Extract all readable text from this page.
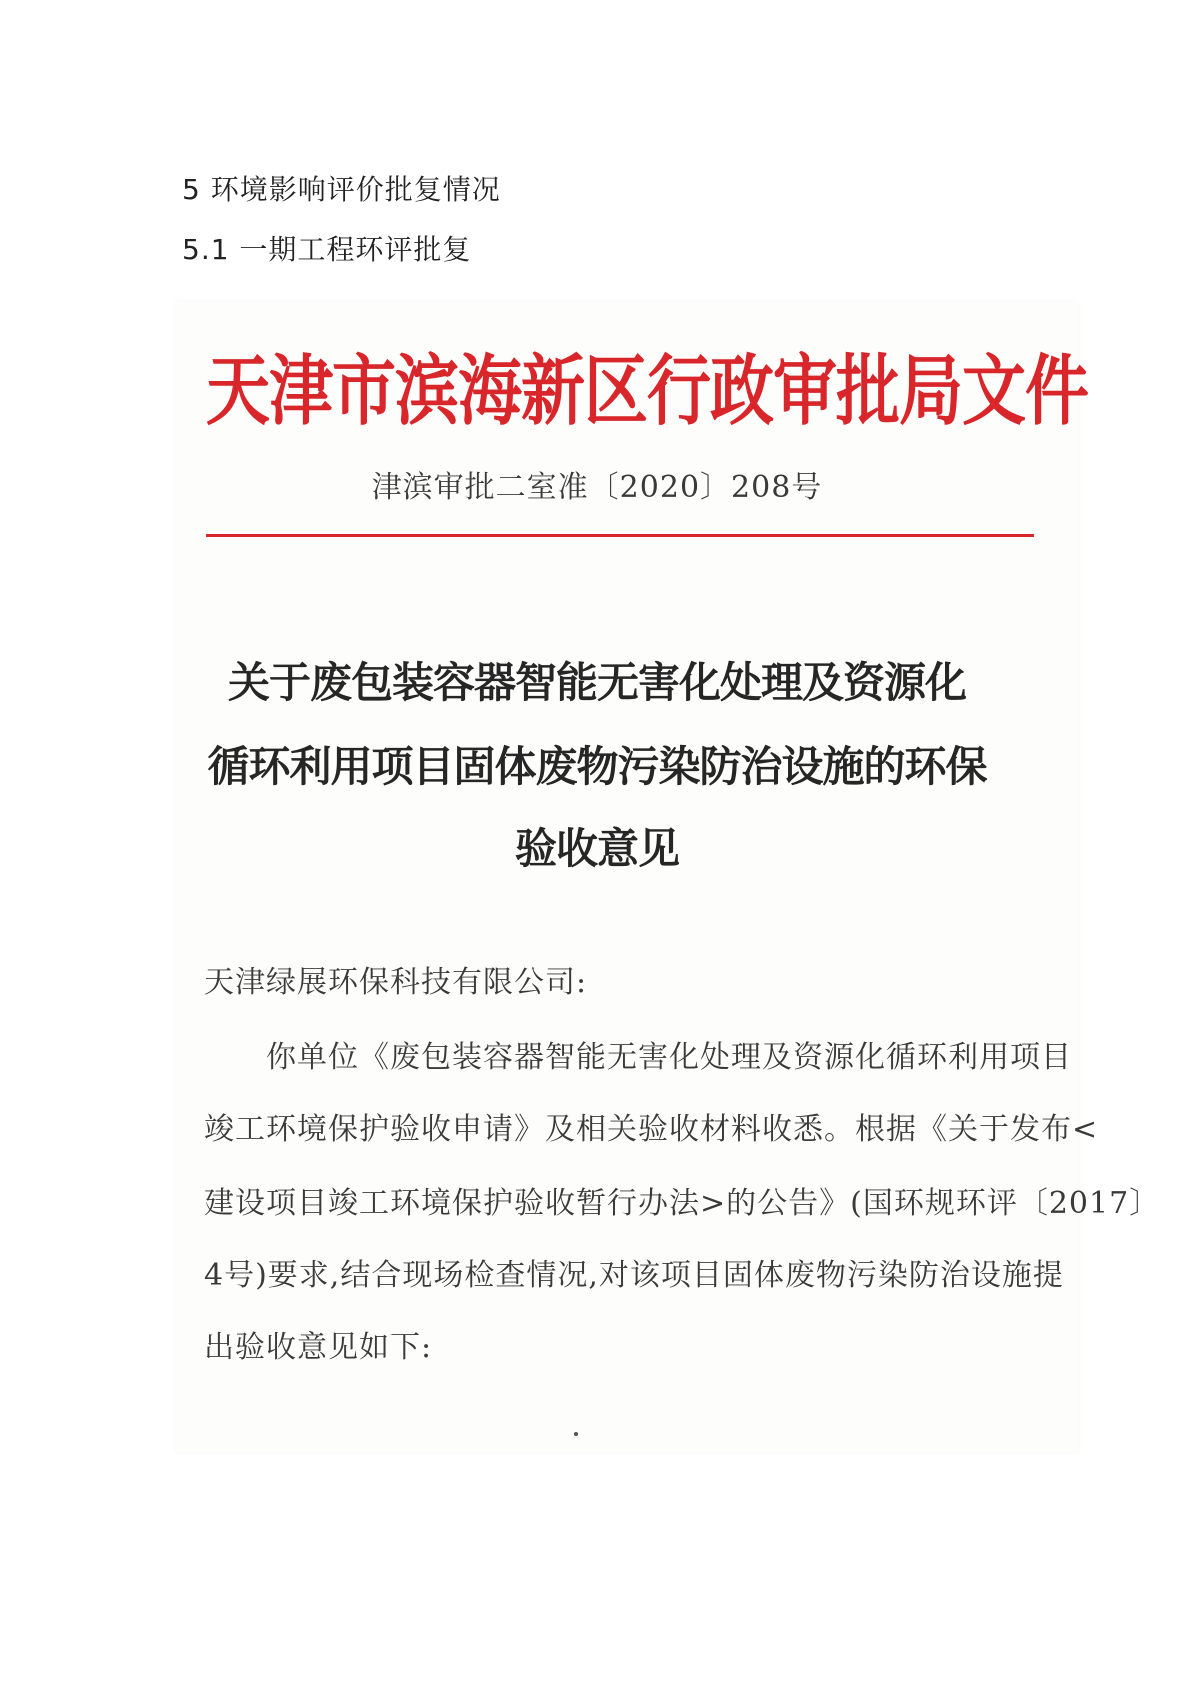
5 环境影响评价批复情况
5.1 一期工程环评批复
天津市滨海新区行政审批局文件
津滨审批二室准〔2020〕208号
关于废包装容器智能无害化处理及资源化
循环利用项目固体废物污染防治设施的环保
验收意见
天津绿展环保科技有限公司:
你单位《废包装容器智能无害化处理及资源化循环利用项目
竣工环境保护验收申请》及相关验收材料收悉。根据《关于发布<
建设项目竣工环境保护验收暂行办法>的公告》(国环规环评〔2017〕
4号)要求,结合现场检查情况,对该项目固体废物污染防治设施提
出验收意见如下:
